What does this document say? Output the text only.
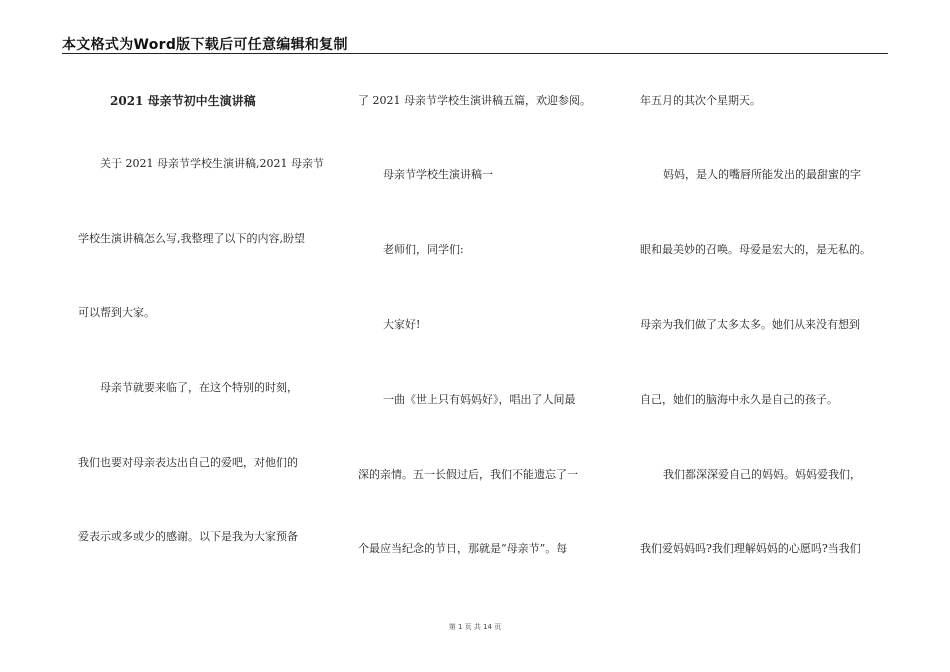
本文格式为Word版下载后可任意编辑和复制
2021 母亲节初中生演讲稿
关于 2021 母亲节学校生演讲稿,2021 母亲节
学校生演讲稿怎么写,我整理了以下的内容,盼望
可以帮到大家。
母亲节就要来临了，在这个特别的时刻，
我们也要对母亲表达出自己的爱吧，对他们的
爱表示或多或少的感谢。以下是我为大家预备
了 2021 母亲节学校生演讲稿五篇，欢迎参阅。
母亲节学校生演讲稿一
老师们，同学们:
大家好!
一曲《世上只有妈妈好》，唱出了人间最
深的亲情。五一长假过后，我们不能遗忘了一
个最应当纪念的节日，那就是“母亲节”。每
年五月的其次个星期天。
妈妈，是人的嘴唇所能发出的最甜蜜的字
眼和最美妙的召唤。母爱是宏大的，是无私的。
母亲为我们做了太多太多。她们从来没有想到
自己，她们的脑海中永久是自己的孩子。
我们都深深爱自己的妈妈。妈妈爱我们，
我们爱妈妈吗?我们理解妈妈的心愿吗?当我们
第 1 页 共 14 页
